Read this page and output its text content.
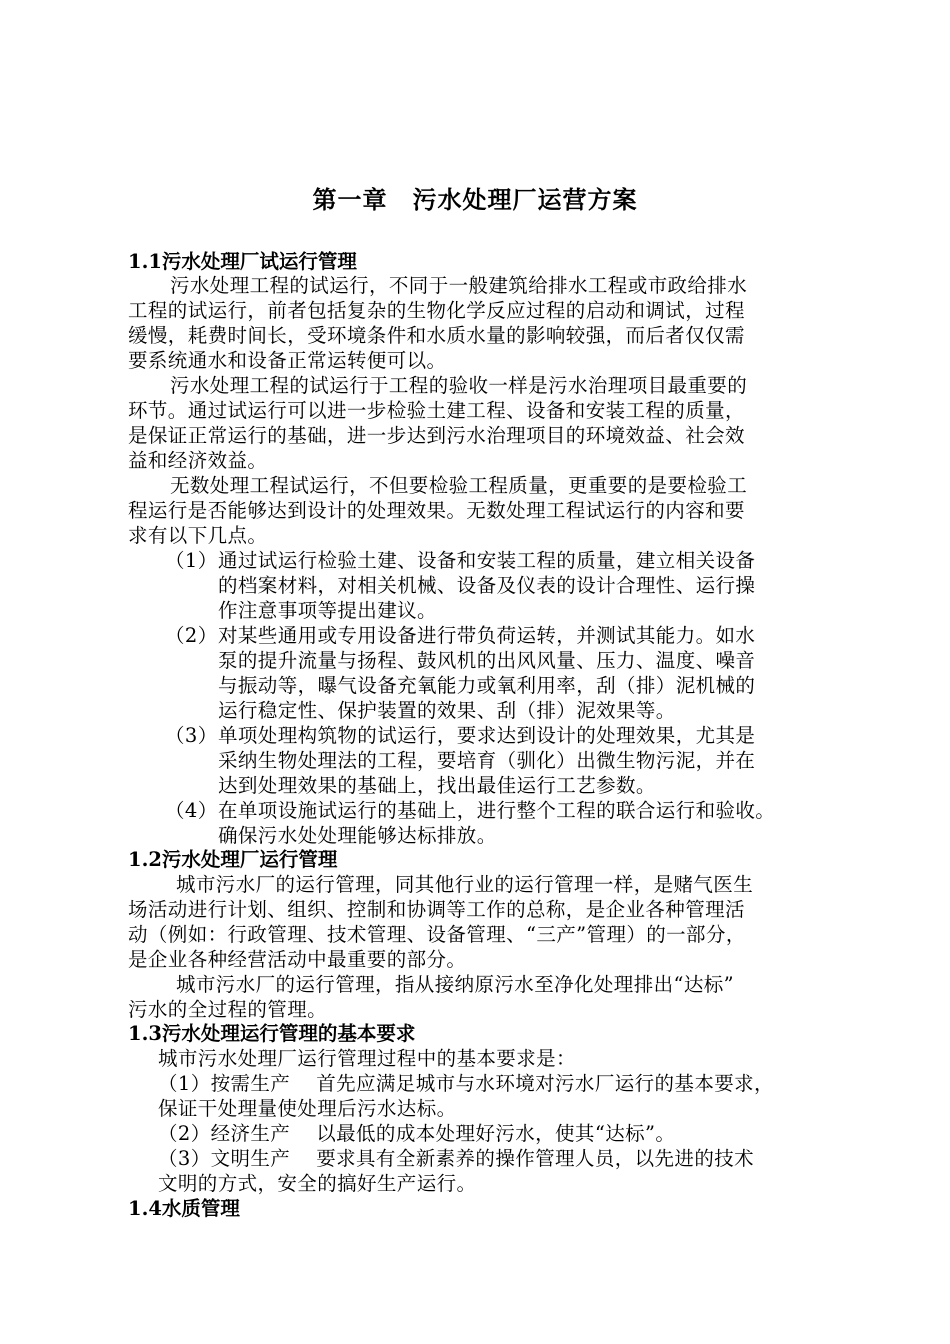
第一章　污水处理厂运营方案
1.1污水处理厂试运行管理
污水处理工程的试运行，不同于一般建筑给排水工程或市政给排水
工程的试运行，前者包括复杂的生物化学反应过程的启动和调试，过程
缓慢，耗费时间长，受环境条件和水质水量的影响较强，而后者仅仅需
要系统通水和设备正常运转便可以。
污水处理工程的试运行于工程的验收一样是污水治理项目最重要的
环节。通过试运行可以进一步检验土建工程、设备和安装工程的质量，
是保证正常运行的基础，进一步达到污水治理项目的环境效益、社会效
益和经济效益。
无数处理工程试运行，不但要检验工程质量，更重要的是要检验工
程运行是否能够达到设计的处理效果。无数处理工程试运行的内容和要
求有以下几点。
（1） 通过试运行检验土建、设备和安装工程的质量，建立相关设备
的档案材料，对相关机械、设备及仪表的设计合理性、运行操
作注意事项等提出建议。
（2） 对某些通用或专用设备进行带负荷运转，并测试其能力。如水
泵的提升流量与扬程、鼓风机的出风风量、压力、温度、噪音
与振动等，曝气设备充氧能力或氧利用率，刮（排）泥机械的
运行稳定性、保护装置的效果、刮（排）泥效果等。
（3） 单项处理构筑物的试运行，要求达到设计的处理效果，尤其是
采纳生物处理法的工程，要培育（驯化）出微生物污泥，并在
达到处理效果的基础上，找出最佳运行工艺参数。
（4） 在单项设施试运行的基础上，进行整个工程的联合运行和验收。
确保污水处处理能够达标排放。
1.2污水处理厂运行管理
城市污水厂的运行管理，同其他行业的运行管理一样，是赌气医生
场活动进行计划、组织、控制和协调等工作的总称，是企业各种管理活
动（例如：行政管理、技术管理、设备管理、“三产”管理）的一部分，
是企业各种经营活动中最重要的部分。
城市污水厂的运行管理，指从接纳原污水至净化处理排出“达标”
污水的全过程的管理。
1.3污水处理运行管理的基本要求
城市污水处理厂运行管理过程中的基本要求是：
（1）按需生产 首先应满足城市与水环境对污水厂运行的基本要求，
保证干处理量使处理后污水达标。
（2）经济生产 以最低的成本处理好污水，使其“达标”。
（3）文明生产 要求具有全新素养的操作管理人员，以先进的技术
文明的方式，安全的搞好生产运行。
1.4水质管理
